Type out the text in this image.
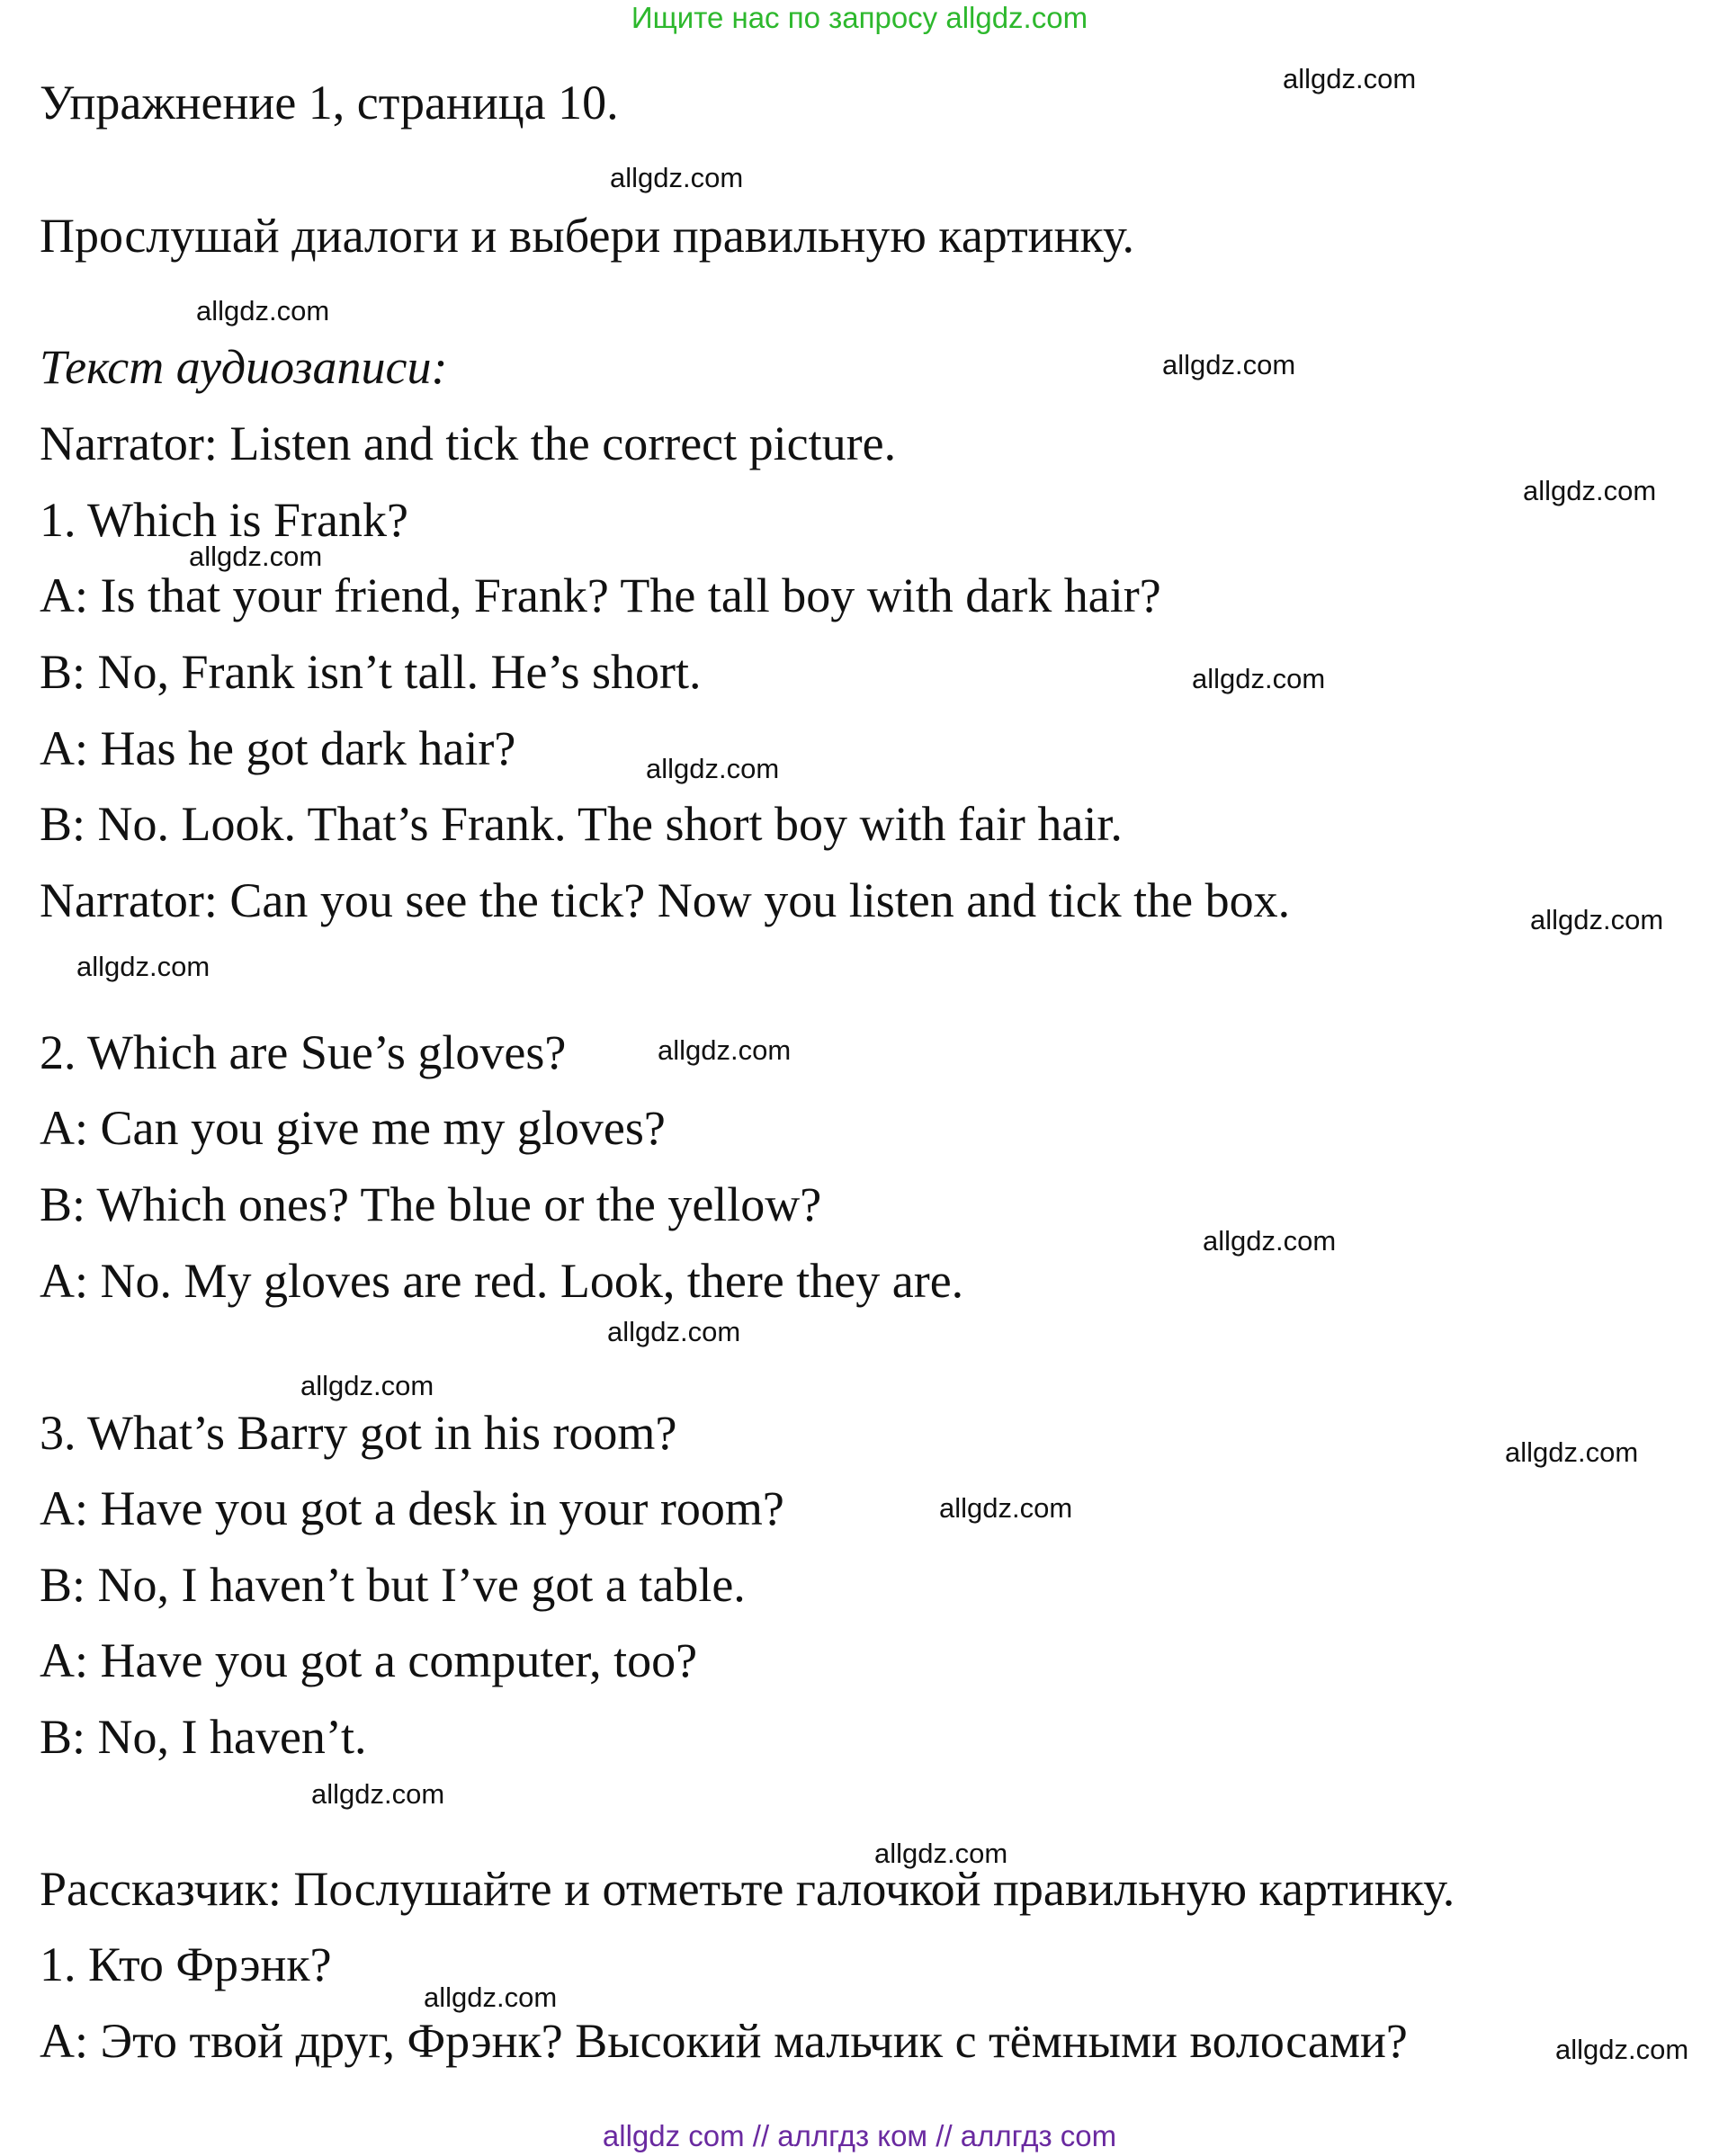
Ищите нас по запросу allgdz.com
Упражнение 1, страница 10.
Прослушай диалоги и выбери правильную картинку.
Текст аудиозаписи:
Narrator: Listen and tick the correct picture.
1. Which is Frank?
A: Is that your friend, Frank? The tall boy with dark hair?
B: No, Frank isn’t tall. He’s short.
A: Has he got dark hair?
B: No. Look. That’s Frank. The short boy with fair hair.
Narrator: Can you see the tick? Now you listen and tick the box.
2. Which are Sue’s gloves?
A: Can you give me my gloves?
B: Which ones? The blue or the yellow?
A: No. My gloves are red. Look, there they are.
3. What’s Barry got in his room?
A: Have you got a desk in your room?
B: No, I haven’t but I’ve got a table.
A: Have you got a computer, too?
B: No, I haven’t.
Рассказчик: Послушайте и отметьте галочкой правильную картинку.
1. Кто Фрэнк?
А: Это твой друг, Фрэнк? Высокий мальчик с тёмными волосами?
allgdz.com
allgdz.com
allgdz.com
allgdz.com
allgdz.com
allgdz.com
allgdz.com
allgdz.com
allgdz.com
allgdz.com
allgdz.com
allgdz.com
allgdz.com
allgdz.com
allgdz.com
allgdz.com
allgdz.com
allgdz.com
allgdz.com
allgdz.com
allgdz com // аллгдз ком // аллгдз com
